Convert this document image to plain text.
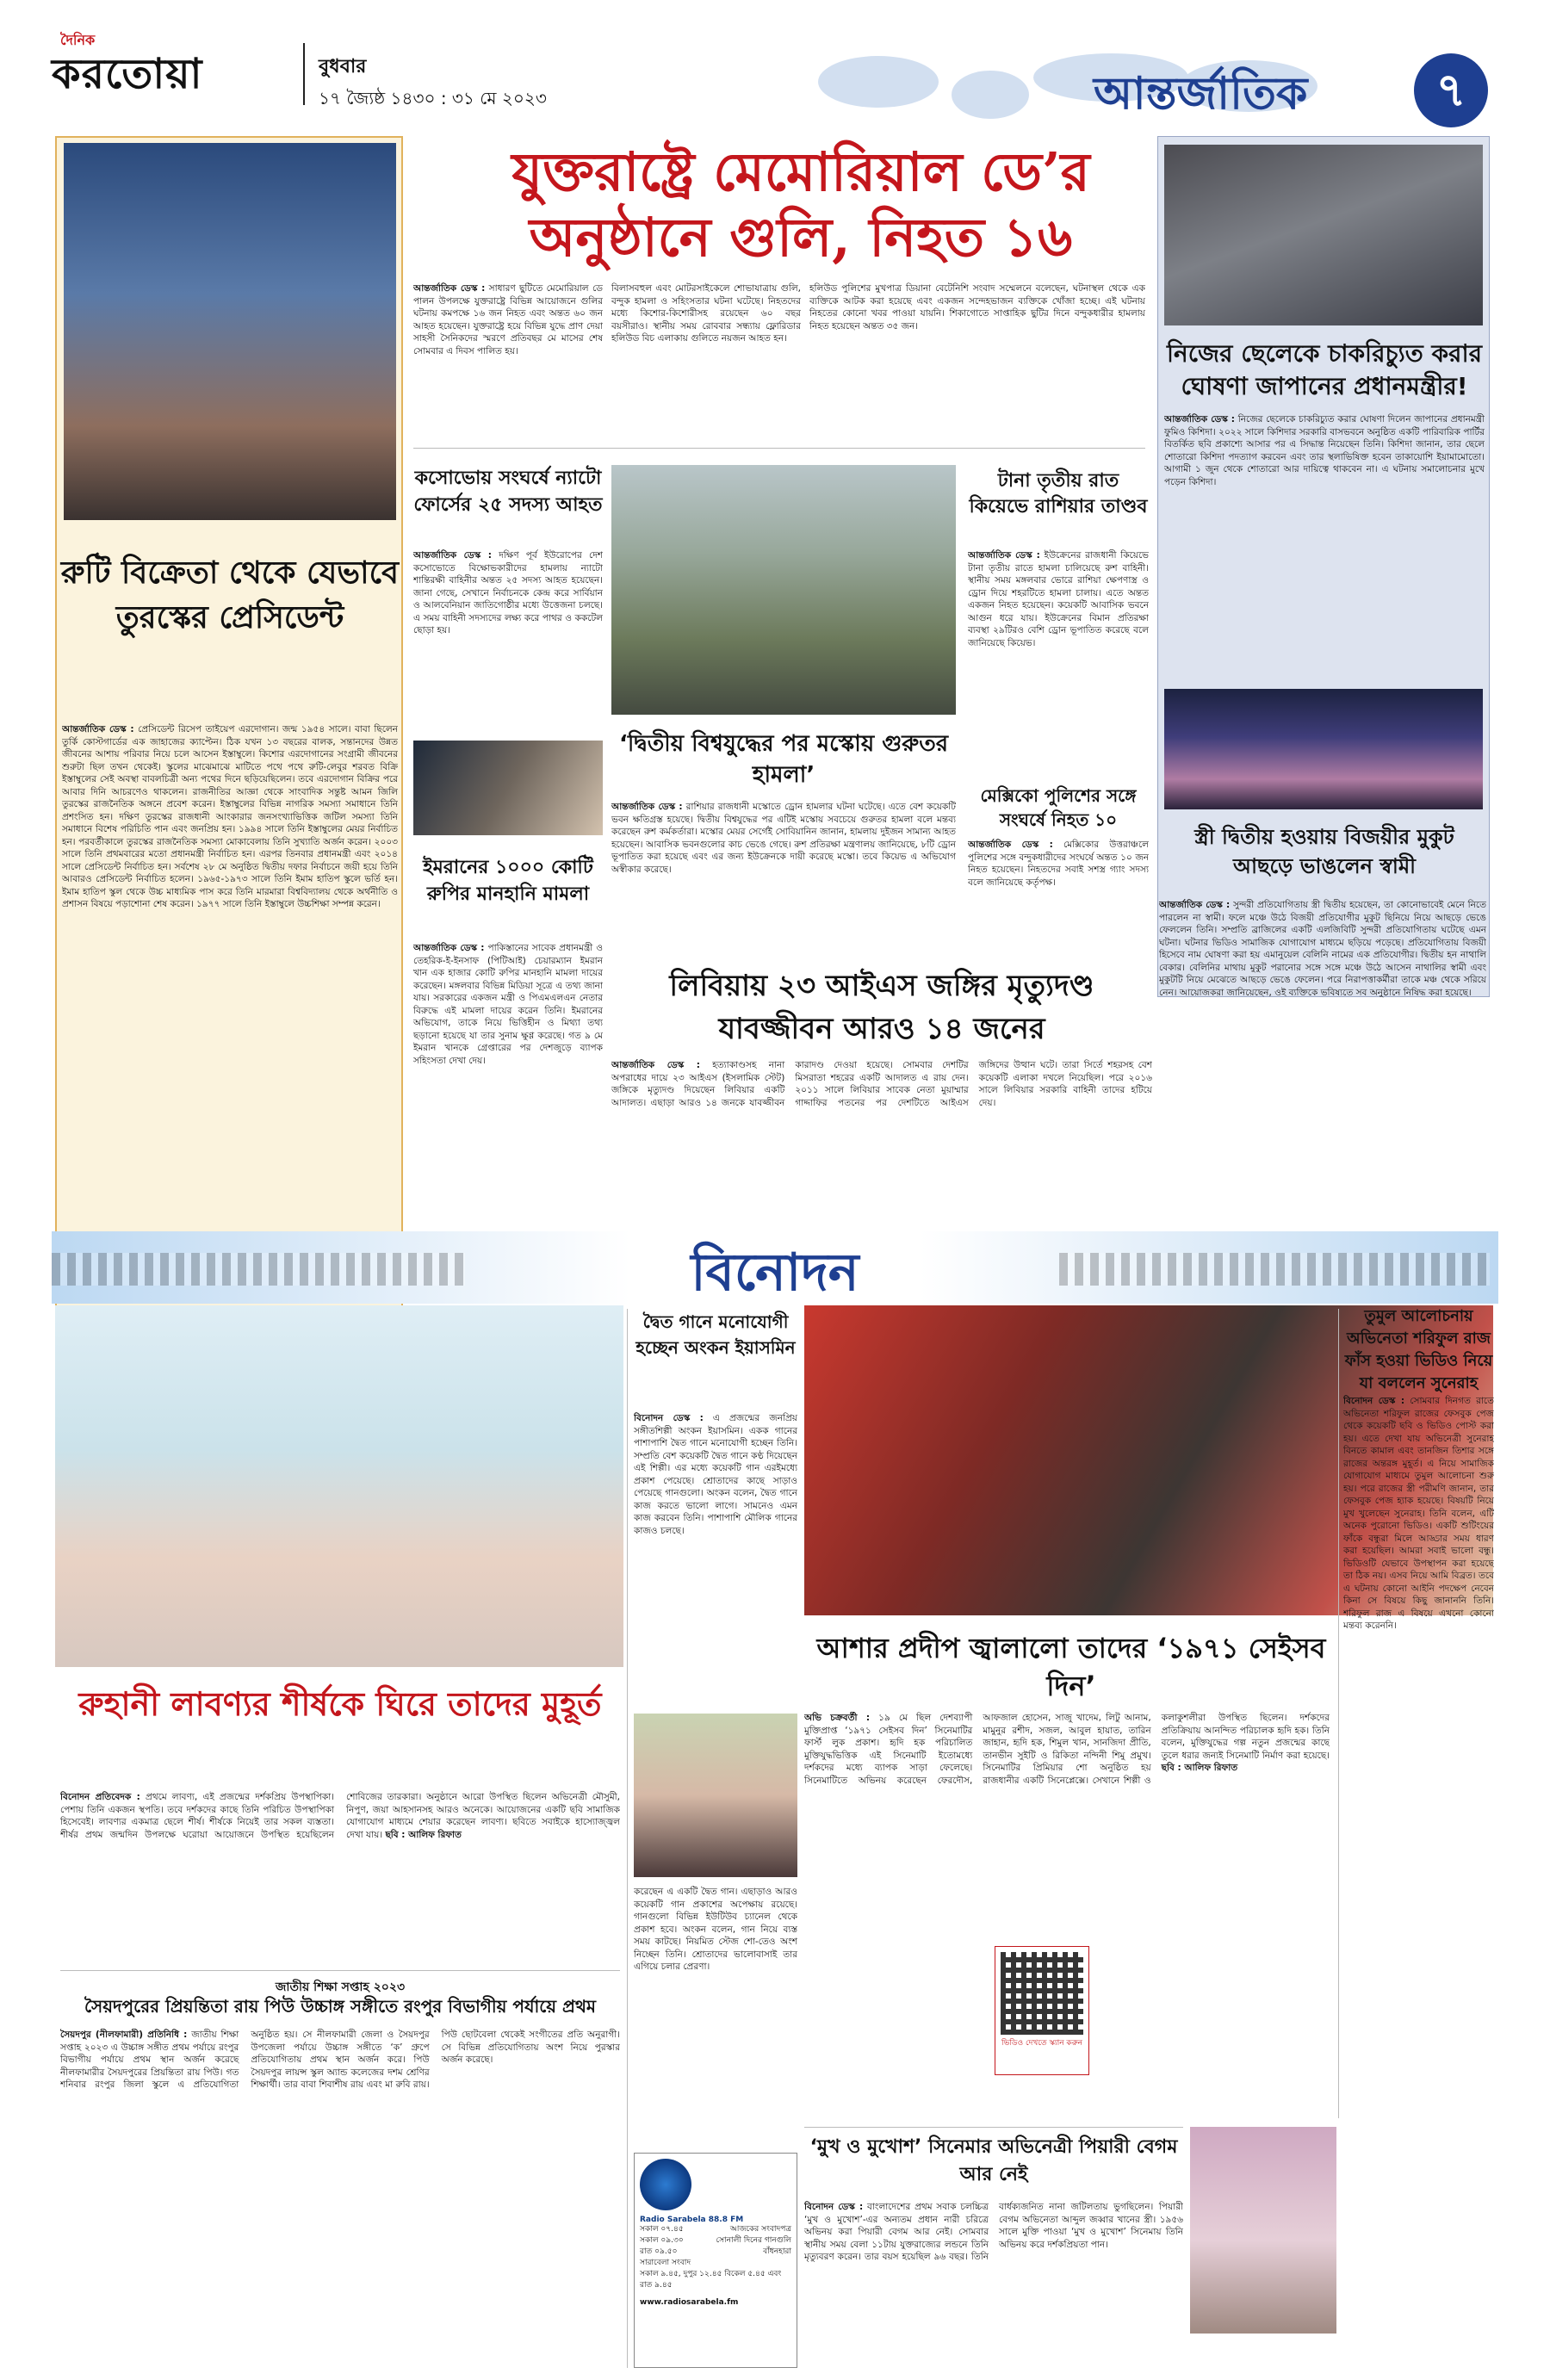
দৈনিক
করতোয়া	বুধবার
১৭ জ্যৈষ্ঠ ১৪৩০ : ৩১ মে ২০২৩	আন্তর্জাতিক	৭
রুটি বিক্রেতা থেকে যেভাবে তুরস্কের প্রেসিডেন্ট
আন্তর্জাতিক ডেস্ক : প্রেসিডেন্ট রিসেপ তাইয়েপ এরদোগান। জন্ম ১৯৫৪ সালে। বাবা ছিলেন তুর্কি কোস্টগার্ডের এক জাহাজের ক্যাপ্টেন। ঠিক যখন ১৩ বছরের বালক, সন্তানদের উন্নত জীবনের আশায় পরিবার নিয়ে চলে আসেন ইস্তাম্বুলে। কিশোর এরদোগানের সংগ্রামী জীবনের শুরুটা ছিল তখন থেকেই। স্কুলের মাঝেমাঝে মাটিতে পথে পথে রুটি-লেবুর শরবত বিক্রি ইস্তাম্বুলের সেই অবস্থা বাবলচিত্রী অন্য পথের দিনে ছড়িয়েছিলেন। তবে এরদোগান বিক্রির পরে আবার দিনি আচরণেও থাকলেন। রাজনীতির আজ্ঞা থেকে সাংবাদিক সন্তুষ্ট আমন জিলি তুরস্কের রাজনৈতিক অঙ্গনে প্রবেশ করেন। ইস্তাম্বুলের বিভিন্ন নাগরিক সমস্যা সমাধানে তিনি প্রশংসিত হন। দক্ষিণ তুরস্কের রাজধানী আংকারার জনসংখ্যাভিত্তিক জটিল সমস্যা তিনি সমাধানে বিশেষ পরিচিতি পান এবং জনপ্রিয় হন। ১৯৯৪ সালে তিনি ইস্তাম্বুলের মেয়র নির্বাচিত হন। পরবর্তীকালে তুরস্কের রাজনৈতিক সমস্যা মোকাবেলায় তিনি সুখ্যাতি অর্জন করেন। ২০০৩ সালে তিনি প্রথমবারের মতো প্রধানমন্ত্রী নির্বাচিত হন। এরপর তিনবার প্রধানমন্ত্রী এবং ২০১৪ সালে প্রেসিডেন্ট নির্বাচিত হন। সর্বশেষ ২৮ মে অনুষ্ঠিত দ্বিতীয় দফার নির্বাচনে জয়ী হয়ে তিনি আবারও প্রেসিডেন্ট নির্বাচিত হলেন। ১৯৬৫-১৯৭৩ সালে তিনি ইমাম হাতিপ স্কুলে ভর্তি হন। ইমাম হাতিপ স্কুল থেকে উচ্চ মাধ্যমিক পাস করে তিনি মারমারা বিশ্ববিদ্যালয় থেকে অর্থনীতি ও প্রশাসন বিষয়ে পড়াশোনা শেষ করেন। ১৯৭৭ সালে তিনি ইস্তাম্বুলে উচ্চশিক্ষা সম্পন্ন করেন।
যুক্তরাষ্ট্রে মেমোরিয়াল ডে’র অনুষ্ঠানে গুলি, নিহত ১৬
আন্তর্জাতিক ডেস্ক : সাধারণ ছুটিতে মেমোরিয়াল ডে পালন উপলক্ষে যুক্তরাষ্ট্রে বিভিন্ন আয়োজনে গুলির ঘটনায় কমপক্ষে ১৬ জন নিহত এবং অন্তত ৬০ জন আহত হয়েছেন। যুক্তরাষ্ট্রে হয়ে বিভিন্ন যুদ্ধে প্রাণ দেয়া সাহসী সৈনিকদের স্মরণে প্রতিবছর মে মাসের শেষ সোমবার এ দিবস পালিত হয়।
বিলাসবহুল এবং মোটরসাইকেলে শোভাযাত্রায় গুলি, বন্দুক হামলা ও সহিংসতার ঘটনা ঘটেছে। নিহতদের মধ্যে কিশোর-কিশোরীসহ রয়েছেন ৬০ বছর বয়সীরাও। স্থানীয় সময় রোববার সন্ধ্যায় ফ্লোরিডার হলিউড বিচ এলাকায় গুলিতে নয়জন আহত হন।
হলিউড পুলিশের মুখপাত্র ডিয়ানা বেটেনিশি সংবাদ সম্মেলনে বলেছেন, ঘটনাস্থল থেকে এক ব্যক্তিকে আটক করা হয়েছে এবং একজন সন্দেহভাজন ব্যক্তিকে খোঁজা হচ্ছে। এই ঘটনায় নিহতের কোনো খবর পাওয়া যায়নি। শিকাগোতে সাপ্তাহিক ছুটির দিনে বন্দুকধারীর হামলায় নিহত হয়েছেন অন্তত ৩৫ জন।
নিজের ছেলেকে চাকরিচ্যুত করার ঘোষণা জাপানের প্রধানমন্ত্রীর!
আন্তর্জাতিক ডেস্ক : নিজের ছেলেকে চাকরিচ্যুত করার ঘোষণা দিলেন জাপানের প্রধানমন্ত্রী ফুমিও কিশিদা। ২০২২ সালে কিশিদার সরকারি বাসভবনে অনুষ্ঠিত একটি পারিবারিক পার্টির বিতর্কিত ছবি প্রকাশ্যে আসার পর এ সিদ্ধান্ত নিয়েছেন তিনি। কিশিদা জানান, তার ছেলে শোতারো কিশিদা পদত্যাগ করবেন এবং তার স্থলাভিষিক্ত হবেন তাকায়োশি ইয়ামামোতো। আগামী ১ জুন থেকে শোতারো আর দায়িত্বে থাকবেন না। এ ঘটনায় সমালোচনার মুখে পড়েন কিশিদা।
কসোভোয় সংঘর্ষে ন্যাটো ফোর্সের ২৫ সদস্য আহত
আন্তর্জাতিক ডেস্ক : দক্ষিণ পূর্ব ইউরোপের দেশ কসোভোতে বিক্ষোভকারীদের হামলায় ন্যাটো শান্তিরক্ষী বাহিনীর অন্তত ২৫ সদস্য আহত হয়েছেন। জানা গেছে, সেখানে নির্বাচনকে কেন্দ্র করে সার্বিয়ান ও আলবেনিয়ান জাতিগোষ্ঠীর মধ্যে উত্তেজনা চলছে। এ সময় বাহিনী সদস্যদের লক্ষ্য করে পাথর ও ককটেল ছোড়া হয়।
‘দ্বিতীয় বিশ্বযুদ্ধের পর মস্কোয় গুরুতর হামলা’
আন্তর্জাতিক ডেস্ক : রাশিয়ার রাজধানী মস্কোতে ড্রোন হামলার ঘটনা ঘটেছে। এতে বেশ কয়েকটি ভবন ক্ষতিগ্রস্ত হয়েছে। দ্বিতীয় বিশ্বযুদ্ধের পর এটিই মস্কোয় সবচেয়ে গুরুতর হামলা বলে মন্তব্য করেছেন রুশ কর্মকর্তারা। মস্কোর মেয়র সের্গেই সোবিয়ানিন জানান, হামলায় দুইজন সামান্য আহত হয়েছেন। আবাসিক ভবনগুলোর কাচ ভেঙে গেছে। রুশ প্রতিরক্ষা মন্ত্রণালয় জানিয়েছে, ৮টি ড্রোন ভূপাতিত করা হয়েছে এবং এর জন্য ইউক্রেনকে দায়ী করেছে মস্কো। তবে কিয়েভ এ অভিযোগ অস্বীকার করেছে।
টানা তৃতীয় রাত কিয়েভে রাশিয়ার তাণ্ডব
আন্তর্জাতিক ডেস্ক : ইউক্রেনের রাজধানী কিয়েভে টানা তৃতীয় রাতে হামলা চালিয়েছে রুশ বাহিনী। স্থানীয় সময় মঙ্গলবার ভোরে রাশিয়া ক্ষেপণাস্ত্র ও ড্রোন দিয়ে শহরটিতে হামলা চালায়। এতে অন্তত একজন নিহত হয়েছেন। কয়েকটি আবাসিক ভবনে আগুন ধরে যায়। ইউক্রেনের বিমান প্রতিরক্ষা ব্যবস্থা ২৯টিরও বেশি ড্রোন ভূপাতিত করেছে বলে জানিয়েছে কিয়েভ।
মেক্সিকো পুলিশের সঙ্গে সংঘর্ষে নিহত ১০
আন্তর্জাতিক ডেস্ক : মেক্সিকোর উত্তরাঞ্চলে পুলিশের সঙ্গে বন্দুকধারীদের সংঘর্ষে অন্তত ১০ জন নিহত হয়েছেন। নিহতদের সবাই সশস্ত্র গ্যাং সদস্য বলে জানিয়েছে কর্তৃপক্ষ।
ইমরানের ১০০০ কোটি রুপির মানহানি মামলা
আন্তর্জাতিক ডেস্ক : পাকিস্তানের সাবেক প্রধানমন্ত্রী ও তেহরিক-ই-ইনসাফ (পিটিআই) চেয়ারম্যান ইমরান খান এক হাজার কোটি রুপির মানহানি মামলা দায়ের করেছেন। মঙ্গলবার বিভিন্ন মিডিয়া সূত্রে এ তথ্য জানা যায়। সরকারের একজন মন্ত্রী ও পিএমএলএন নেতার বিরুদ্ধে এই মামলা দায়ের করেন তিনি। ইমরানের অভিযোগ, তাকে নিয়ে ভিত্তিহীন ও মিথ্যা তথ্য ছড়ানো হয়েছে যা তার সুনাম ক্ষুণ্ণ করেছে। গত ৯ মে ইমরান খানকে গ্রেপ্তারের পর দেশজুড়ে ব্যাপক সহিংসতা দেখা দেয়।
স্ত্রী দ্বিতীয় হওয়ায় বিজয়ীর মুকুট আছড়ে ভাঙলেন স্বামী
আন্তর্জাতিক ডেস্ক : সুন্দরী প্রতিযোগিতায় স্ত্রী দ্বিতীয় হয়েছেন, তা কোনোভাবেই মেনে নিতে পারলেন না স্বামী। ফলে মঞ্চে উঠে বিজয়ী প্রতিযোগীর মুকুট ছিনিয়ে নিয়ে আছড়ে ভেঙে ফেললেন তিনি। সম্প্রতি ব্রাজিলের একটি এলজিবিটি সুন্দরী প্রতিযোগিতায় ঘটেছে এমন ঘটনা। ঘটনার ভিডিও সামাজিক যোগাযোগ মাধ্যমে ছড়িয়ে পড়েছে। প্রতিযোগিতায় বিজয়ী হিসেবে নাম ঘোষণা করা হয় এমানুয়েল বেলিনি নামের এক প্রতিযোগীর। দ্বিতীয় হন নাথালি বেকার। বেলিনির মাথায় মুকুট পরানোর সঙ্গে সঙ্গে মঞ্চে উঠে আসেন নাথালির স্বামী এবং মুকুটটি নিয়ে মেঝেতে আছড়ে ভেঙে ফেলেন। পরে নিরাপত্তাকর্মীরা তাকে মঞ্চ থেকে সরিয়ে নেন। আয়োজকরা জানিয়েছেন, ওই ব্যক্তিকে ভবিষ্যতে সব অনুষ্ঠানে নিষিদ্ধ করা হয়েছে।
লিবিয়ায় ২৩ আইএস জঙ্গির মৃত্যুদণ্ড যাবজ্জীবন আরও ১৪ জনের
আন্তর্জাতিক ডেস্ক : হত্যাকাণ্ডসহ নানা অপরাধের দায়ে ২৩ আইএস (ইসলামিক স্টেট) জঙ্গিকে মৃত্যুদণ্ড দিয়েছেন লিবিয়ার একটি আদালত। এছাড়া আরও ১৪ জনকে যাবজ্জীবন কারাদণ্ড দেওয়া হয়েছে। সোমবার দেশটির মিসরাতা শহরের একটি আদালত এ রায় দেন। ২০১১ সালে লিবিয়ার সাবেক নেতা মুয়াম্মার গাদ্দাফির পতনের পর দেশটিতে আইএস জঙ্গিদের উত্থান ঘটে। তারা সির্তে শহরসহ বেশ কয়েকটি এলাকা দখলে নিয়েছিল। পরে ২০১৬ সালে লিবিয়ার সরকারি বাহিনী তাদের হটিয়ে দেয়।
বিনোদন
রুহানী লাবণ্যর শীর্ষকে ঘিরে তাদের মুহূর্ত
বিনোদন প্রতিবেদক : প্রথমে লাবণ্য, এই প্রজন্মের দর্শকপ্রিয় উপস্থাপিকা। পেশায় তিনি একজন স্থপতি। তবে দর্শকদের কাছে তিনি পরিচিত উপস্থাপিকা হিসেবেই। লাবণ্যর একমাত্র ছেলে শীর্ষ। শীর্ষকে নিয়েই তার সকল ব্যস্ততা। শীর্ষর প্রথম জন্মদিন উপলক্ষে ঘরোয়া আয়োজনে উপস্থিত হয়েছিলেন শোবিজের তারকারা। অনুষ্ঠানে আরো উপস্থিত ছিলেন অভিনেত্রী মৌসুমী, নিপুণ, জয়া আহসানসহ আরও অনেকে। আয়োজনের একটি ছবি সামাজিক যোগাযোগ মাধ্যমে শেয়ার করেছেন লাবণ্য। ছবিতে সবাইকে হাস্যোজ্জ্বল দেখা যায়। ছবি : আলিফ রিফাত
জাতীয় শিক্ষা সপ্তাহ ২০২৩
সৈয়দপুরের প্রিয়ন্তিতা রায় পিউ উচ্চাঙ্গ সঙ্গীতে রংপুর বিভাগীয় পর্যায়ে প্রথম
সৈয়দপুর (নীলফামারী) প্রতিনিধি : জাতীয় শিক্ষা সপ্তাহ ২০২৩ এ উচ্চাঙ্গ সঙ্গীত প্রথম পর্যায়ে রংপুর বিভাগীয় পর্যায়ে প্রথম স্থান অর্জন করেছে নীলফামারীর সৈয়দপুরের প্রিয়ন্তিতা রায় পিউ। গত শনিবার রংপুর জিলা স্কুলে এ প্রতিযোগিতা অনুষ্ঠিত হয়। সে নীলফামারী জেলা ও সৈয়দপুর উপজেলা পর্যায়ে উচ্চাঙ্গ সঙ্গীতে ‘ক’ গ্রুপে প্রতিযোগিতায় প্রথম স্থান অর্জন করে। পিউ সৈয়দপুর লায়ন্স স্কুল অ্যান্ড কলেজের দশম শ্রেণির শিক্ষার্থী। তার বাবা শিবাশীষ রায় এবং মা রুবি রায়। পিউ ছোটবেলা থেকেই সংগীতের প্রতি অনুরাগী। সে বিভিন্ন প্রতিযোগিতায় অংশ নিয়ে পুরস্কার অর্জন করেছে।
দ্বৈত গানে মনোযোগী হচ্ছেন অংকন ইয়াসমিন
বিনোদন ডেস্ক : এ প্রজন্মের জনপ্রিয় সঙ্গীতশিল্পী অংকন ইয়াসমিন। একক গানের পাশাপাশি দ্বৈত গানে মনোযোগী হচ্ছেন তিনি। সম্প্রতি বেশ কয়েকটি দ্বৈত গানে কণ্ঠ দিয়েছেন এই শিল্পী। এর মধ্যে কয়েকটি গান এরইমধ্যে প্রকাশ পেয়েছে। শ্রোতাদের কাছে সাড়াও পেয়েছে গানগুলো। অংকন বলেন, দ্বৈত গানে কাজ করতে ভালো লাগে। সামনেও এমন কাজ করবেন তিনি। পাশাপাশি মৌলিক গানের কাজও চলছে।
করেছেন এ একটি দ্বৈত গান। এছাড়াও আরও কয়েকটি গান প্রকাশের অপেক্ষায় রয়েছে। গানগুলো বিভিন্ন ইউটিউব চ্যানেল থেকে প্রকাশ হবে। অংকন বলেন, গান নিয়ে ব্যস্ত সময় কাটছে। নিয়মিত স্টেজ শো-তেও অংশ নিচ্ছেন তিনি। শ্রোতাদের ভালোবাসাই তার এগিয়ে চলার প্রেরণা।
আশার প্রদীপ জ্বালালো তাদের ‘১৯৭১ সেইসব দিন’
অভি চক্রবর্তী : ১৯ মে ছিল দেশব্যাপী মুক্তিপ্রাপ্ত ‘১৯৭১ সেইসব দিন’ সিনেমাটির ফার্স্ট লুক প্রকাশ। হৃদি হক পরিচালিত মুক্তিযুদ্ধভিত্তিক এই সিনেমাটি ইতোমধ্যে দর্শকদের মধ্যে ব্যাপক সাড়া ফেলেছে। সিনেমাটিতে অভিনয় করেছেন ফেরদৌস, আফজাল হোসেন, সাজু খাদেম, লিটু আনাম, মামুনুর রশীদ, সজল, আবুল হায়াত, তারিন জাহান, হৃদি হক, শিমুল খান, সানজিদা প্রীতি, তানভীন সুইটি ও রিকিতা নন্দিনী শিমু প্রমুখ। সিনেমাটির প্রিমিয়ার শো অনুষ্ঠিত হয় রাজধানীর একটি সিনেপ্লেক্সে। সেখানে শিল্পী ও কলাকুশলীরা উপস্থিত ছিলেন। দর্শকদের প্রতিক্রিয়ায় আনন্দিত পরিচালক হৃদি হক। তিনি বলেন, মুক্তিযুদ্ধের গল্প নতুন প্রজন্মের কাছে তুলে ধরার জন্যই সিনেমাটি নির্মাণ করা হয়েছে। ছবি : আলিফ রিফাত
ভিডিও দেখতে স্ক্যান করুন
তুমুল আলোচনায় অভিনেতা শরিফুল রাজ ফাঁস হওয়া ভিডিও নিয়ে যা বললেন সুনেরাহ
বিনোদন ডেস্ক : সোমবার দিনগত রাতে অভিনেতা শরিফুল রাজের ফেসবুক পেজ থেকে কয়েকটি ছবি ও ভিডিও পোস্ট করা হয়। এতে দেখা যায় অভিনেত্রী সুনেরাহ বিনতে কামাল এবং তানজিন তিশার সঙ্গে রাজের অন্তরঙ্গ মুহূর্ত। এ নিয়ে সামাজিক যোগাযোগ মাধ্যমে তুমুল আলোচনা শুরু হয়। পরে রাজের স্ত্রী পরীমণি জানান, তার ফেসবুক পেজ হ্যাক হয়েছে। বিষয়টি নিয়ে মুখ খুলেছেন সুনেরাহ। তিনি বলেন, এটি অনেক পুরোনো ভিডিও। একটি শুটিংয়ের ফাঁকে বন্ধুরা মিলে আড্ডার সময় ধারণ করা হয়েছিল। আমরা সবাই ভালো বন্ধু। ভিডিওটি যেভাবে উপস্থাপন করা হয়েছে তা ঠিক নয়। এসব নিয়ে আমি বিব্রত। তবে এ ঘটনায় কোনো আইনি পদক্ষেপ নেবেন কিনা সে বিষয়ে কিছু জানাননি তিনি। শরিফুল রাজ এ বিষয়ে এখনো কোনো মন্তব্য করেননি।
‘মুখ ও মুখোশ’ সিনেমার অভিনেত্রী পিয়ারী বেগম আর নেই
বিনোদন ডেস্ক : বাংলাদেশের প্রথম সবাক চলচ্চিত্র ‘মুখ ও মুখোশ’-এর অন্যতম প্রধান নারী চরিত্রে অভিনয় করা পিয়ারী বেগম আর নেই। সোমবার স্থানীয় সময় বেলা ১১টায় যুক্তরাজ্যের লন্ডনে তিনি মৃত্যুবরণ করেন। তার বয়স হয়েছিল ৯৬ বছর। তিনি বার্ধক্যজনিত নানা জটিলতায় ভুগছিলেন। পিয়ারী বেগম অভিনেতা আব্দুল জব্বার খানের স্ত্রী। ১৯৫৬ সালে মুক্তি পাওয়া ‘মুখ ও মুখোশ’ সিনেমায় তিনি অভিনয় করে দর্শকপ্রিয়তা পান।
Radio Sarabela 88.8 FM
সকাল ০৭.৪৫	আজকের সংবাদপত্র
সকাল ০৯.৩০	সোনালী দিনের গানগুলি
রাত ০৯.৫০	বাঁধনহারা
সারাবেলা সংবাদ
সকাল ৯.৪৫, দুপুর ১২.৪৫ বিকেল ৫.৪৫ এবং রাত ৯.৪৫
www.radiosarabela.fm
